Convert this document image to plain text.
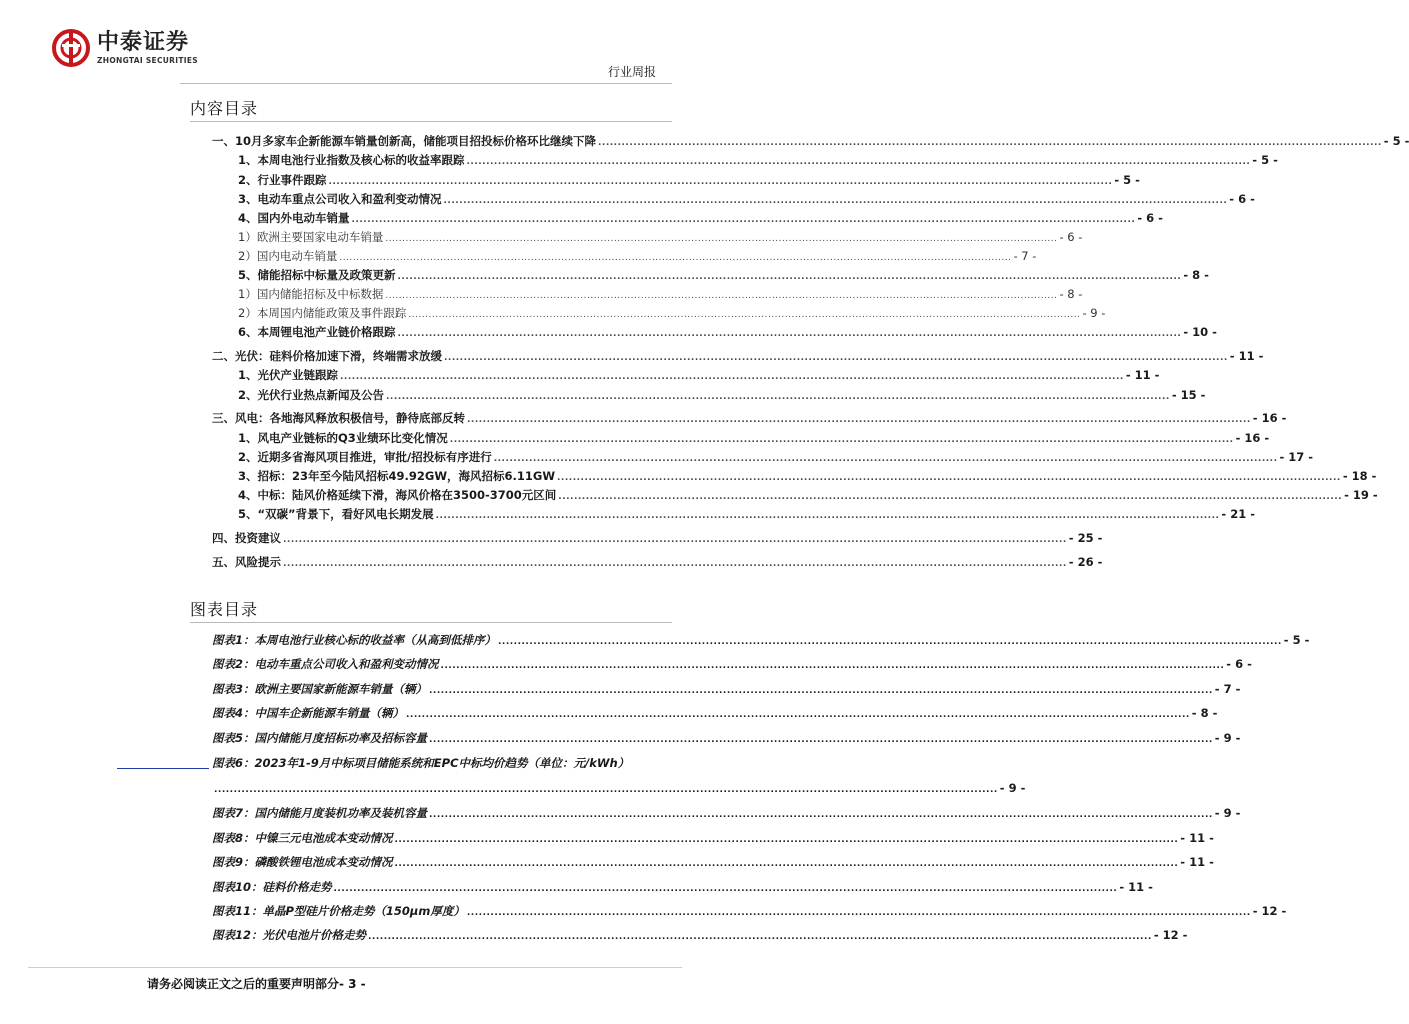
中泰证券
ZHONGTAI SECURITIES
行业周报
内容目录
一、10月多家车企新能源车销量创新高，储能项目招投标价格环比继续下降 ........................................................................................................................................................................................................ - 5 -
1、本周电池行业指数及核心标的收益率跟踪 ........................................................................................................................................................................................................ - 5 -
2、行业事件跟踪 ........................................................................................................................................................................................................ - 5 -
3、电动车重点公司收入和盈利变动情况 ........................................................................................................................................................................................................ - 6 -
4、国内外电动车销量 ........................................................................................................................................................................................................ - 6 -
1）欧洲主要国家电动车销量 ........................................................................................................................................................................................................ - 6 -
2）国内电动车销量 ........................................................................................................................................................................................................ - 7 -
5、储能招标中标量及政策更新 ........................................................................................................................................................................................................ - 8 -
1）国内储能招标及中标数据 ........................................................................................................................................................................................................ - 8 -
2）本周国内储能政策及事件跟踪 ........................................................................................................................................................................................................ - 9 -
6、本周锂电池产业链价格跟踪 ........................................................................................................................................................................................................ - 10 -
二、光伏：硅料价格加速下滑，终端需求放缓 ........................................................................................................................................................................................................ - 11 -
1、光伏产业链跟踪 ........................................................................................................................................................................................................ - 11 -
2、光伏行业热点新闻及公告 ........................................................................................................................................................................................................ - 15 -
三、风电：各地海风释放积极信号，静待底部反转 ........................................................................................................................................................................................................ - 16 -
1、风电产业链标的Q3业绩环比变化情况 ........................................................................................................................................................................................................ - 16 -
2、近期多省海风项目推进，审批/招投标有序进行 ........................................................................................................................................................................................................ - 17 -
3、招标：23年至今陆风招标49.92GW，海风招标6.11GW ........................................................................................................................................................................................................ - 18 -
4、中标：陆风价格延续下滑，海风价格在3500-3700元区间 ........................................................................................................................................................................................................ - 19 -
5、“双碳”背景下，看好风电长期发展 ........................................................................................................................................................................................................ - 21 -
四、投资建议 ........................................................................................................................................................................................................ - 25 -
五、风险提示 ........................................................................................................................................................................................................ - 26 -
图表目录
图表1：本周电池行业核心标的收益率（从高到低排序） ........................................................................................................................................................................................................ - 5 -
图表2：电动车重点公司收入和盈利变动情况 ........................................................................................................................................................................................................ - 6 -
图表3：欧洲主要国家新能源车销量（辆） ........................................................................................................................................................................................................ - 7 -
图表4：中国车企新能源车销量（辆） ........................................................................................................................................................................................................ - 8 -
图表5：国内储能月度招标功率及招标容量 ........................................................................................................................................................................................................ - 9 -
图表6：2023年1-9月中标项目储能系统和EPC中标均价趋势（单位：元/kWh）
........................................................................................................................................................................................................ - 9 -
图表7：国内储能月度装机功率及装机容量 ........................................................................................................................................................................................................ - 9 -
图表8：中镍三元电池成本变动情况 ........................................................................................................................................................................................................ - 11 -
图表9：磷酸铁锂电池成本变动情况 ........................................................................................................................................................................................................ - 11 -
图表10：硅料价格走势 ........................................................................................................................................................................................................ - 11 -
图表11：单晶P型硅片价格走势（150μm厚度） ........................................................................................................................................................................................................ - 12 -
图表12：光伏电池片价格走势 ........................................................................................................................................................................................................ - 12 -
请务必阅读正文之后的重要声明部分- 3 -
